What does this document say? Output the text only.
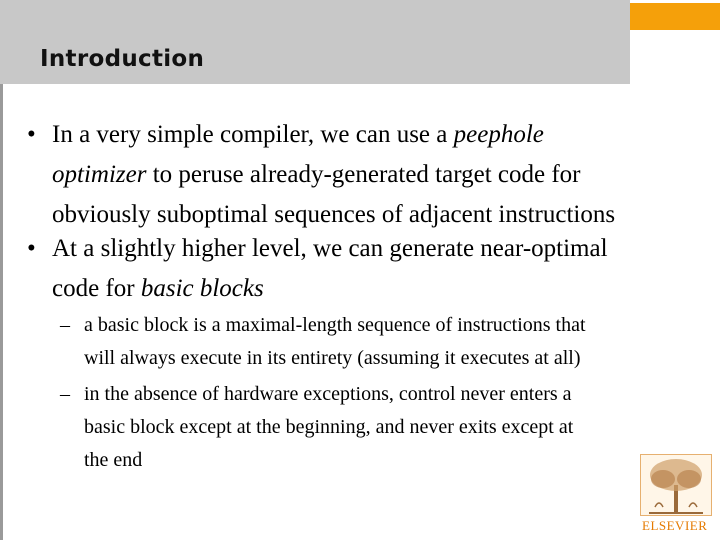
Introduction
• In a very simple compiler, we can use a peephole
optimizer to peruse already-generated target code for
obviously suboptimal sequences of adjacent instructions
• At a slightly higher level, we can generate near-optimal
code for basic blocks
– a basic block is a maximal-length sequence of instructions that
will always execute in its entirety (assuming it executes at all)
– in the absence of hardware exceptions, control never enters a
basic block except at the beginning, and never exits except at
the end
ELSEVIER
